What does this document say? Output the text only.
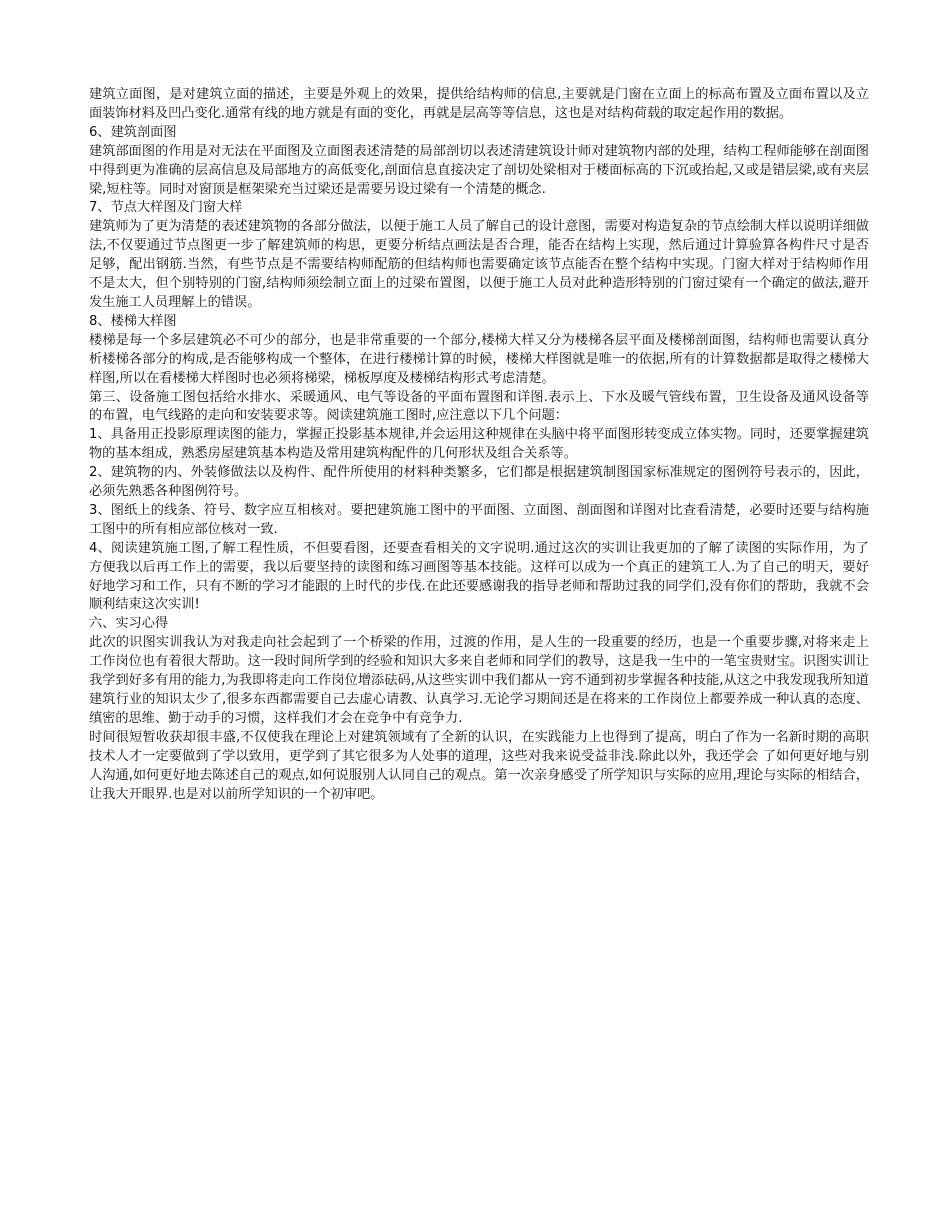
建筑立面图，是对建筑立面的描述，主要是外观上的效果，提供给结构师的信息,主要就是门窗在立面上的标高布置及立面布置以及立面装饰材料及凹凸变化.通常有线的地方就是有面的变化，再就是层高等等信息，这也是对结构荷载的取定起作用的数据。

6、建筑剖面图

建筑部面图的作用是对无法在平面图及立面图表述清楚的局部剖切以表述清建筑设计师对建筑物内部的处理，结构工程师能够在剖面图中得到更为准确的层高信息及局部地方的高低变化,剖面信息直接决定了剖切处梁相对于楼面标高的下沉或抬起,又或是错层梁,或有夹层梁,短柱等。同时对窗顶是框架梁充当过梁还是需要另设过梁有一个清楚的概念.

7、节点大样图及门窗大样

建筑师为了更为清楚的表述建筑物的各部分做法，以便于施工人员了解自己的设计意图，需要对构造复杂的节点绘制大样以说明详细做法,不仅要通过节点图更一步了解建筑师的构思，更要分析结点画法是否合理，能否在结构上实现，然后通过计算验算各构件尺寸是否足够，配出钢筋.当然，有些节点是不需要结构师配筋的但结构师也需要确定该节点能否在整个结构中实现。门窗大样对于结构师作用不是太大，但个别特别的门窗,结构师须绘制立面上的过梁布置图，以便于施工人员对此种造形特别的门窗过梁有一个确定的做法,避开发生施工人员理解上的错误。

8、楼梯大样图

楼梯是每一个多层建筑必不可少的部分，也是非常重要的一个部分,楼梯大样又分为楼梯各层平面及楼梯剖面图，结构师也需要认真分析楼梯各部分的构成,是否能够构成一个整体，在进行楼梯计算的时候，楼梯大样图就是唯一的依据,所有的计算数据都是取得之楼梯大样图,所以在看楼梯大样图时也必须将梯梁，梯板厚度及楼梯结构形式考虑清楚。

第三、设备施工图包括给水排水、采暖通风、电气等设备的平面布置图和详图.表示上、下水及暖气管线布置，卫生设备及通风设备等的布置，电气线路的走向和安装要求等。阅读建筑施工图时,应注意以下几个问题：

1、具备用正投影原理读图的能力，掌握正投影基本规律,并会运用这种规律在头脑中将平面图形转变成立体实物。同时，还要掌握建筑物的基本组成，熟悉房屋建筑基本构造及常用建筑构配件的几何形状及组合关系等。

2、建筑物的内、外装修做法以及构件、配件所使用的材料种类繁多，它们都是根据建筑制图国家标准规定的图例符号表示的，因此，必须先熟悉各种图例符号。

3、图纸上的线条、符号、数字应互相核对。要把建筑施工图中的平面图、立面图、剖面图和详图对比查看清楚，必要时还要与结构施工图中的所有相应部位核对一致.

4、阅读建筑施工图,了解工程性质，不但要看图，还要查看相关的文字说明.通过这次的实训让我更加的了解了读图的实际作用，为了方便我以后再工作上的需要，我以后要坚持的读图和练习画图等基本技能。这样可以成为一个真正的建筑工人.为了自己的明天，要好好地学习和工作，只有不断的学习才能跟的上时代的步伐.在此还要感谢我的指导老师和帮助过我的同学们,没有你们的帮助，我就不会顺利结束这次实训!

六、实习心得

此次的识图实训我认为对我走向社会起到了一个桥梁的作用，过渡的作用，是人生的一段重要的经历，也是一个重要步骤,对将来走上工作岗位也有着很大帮助。这一段时间所学到的经验和知识大多来自老师和同学们的教导，这是我一生中的一笔宝贵财宝。识图实训让我学到好多有用的能力,为我即将走向工作岗位增添砝码,从这些实训中我们都从一窍不通到初步掌握各种技能,从这之中我发现我所知道建筑行业的知识太少了,很多东西都需要自己去虚心请教、认真学习.无论学习期间还是在将来的工作岗位上都要养成一种认真的态度、缜密的思维、勤于动手的习惯，这样我们才会在竞争中有竞争力.

时间很短暂收获却很丰盛,不仅使我在理论上对建筑领域有了全新的认识，在实践能力上也得到了提高，明白了作为一名新时期的高职技术人才一定要做到了学以致用，更学到了其它很多为人处事的道理，这些对我来说受益非浅.除此以外，我还学会 了如何更好地与别人沟通,如何更好地去陈述自己的观点,如何说服别人认同自己的观点。第一次亲身感受了所学知识与实际的应用,理论与实际的相结合，让我大开眼界.也是对以前所学知识的一个初审吧。
